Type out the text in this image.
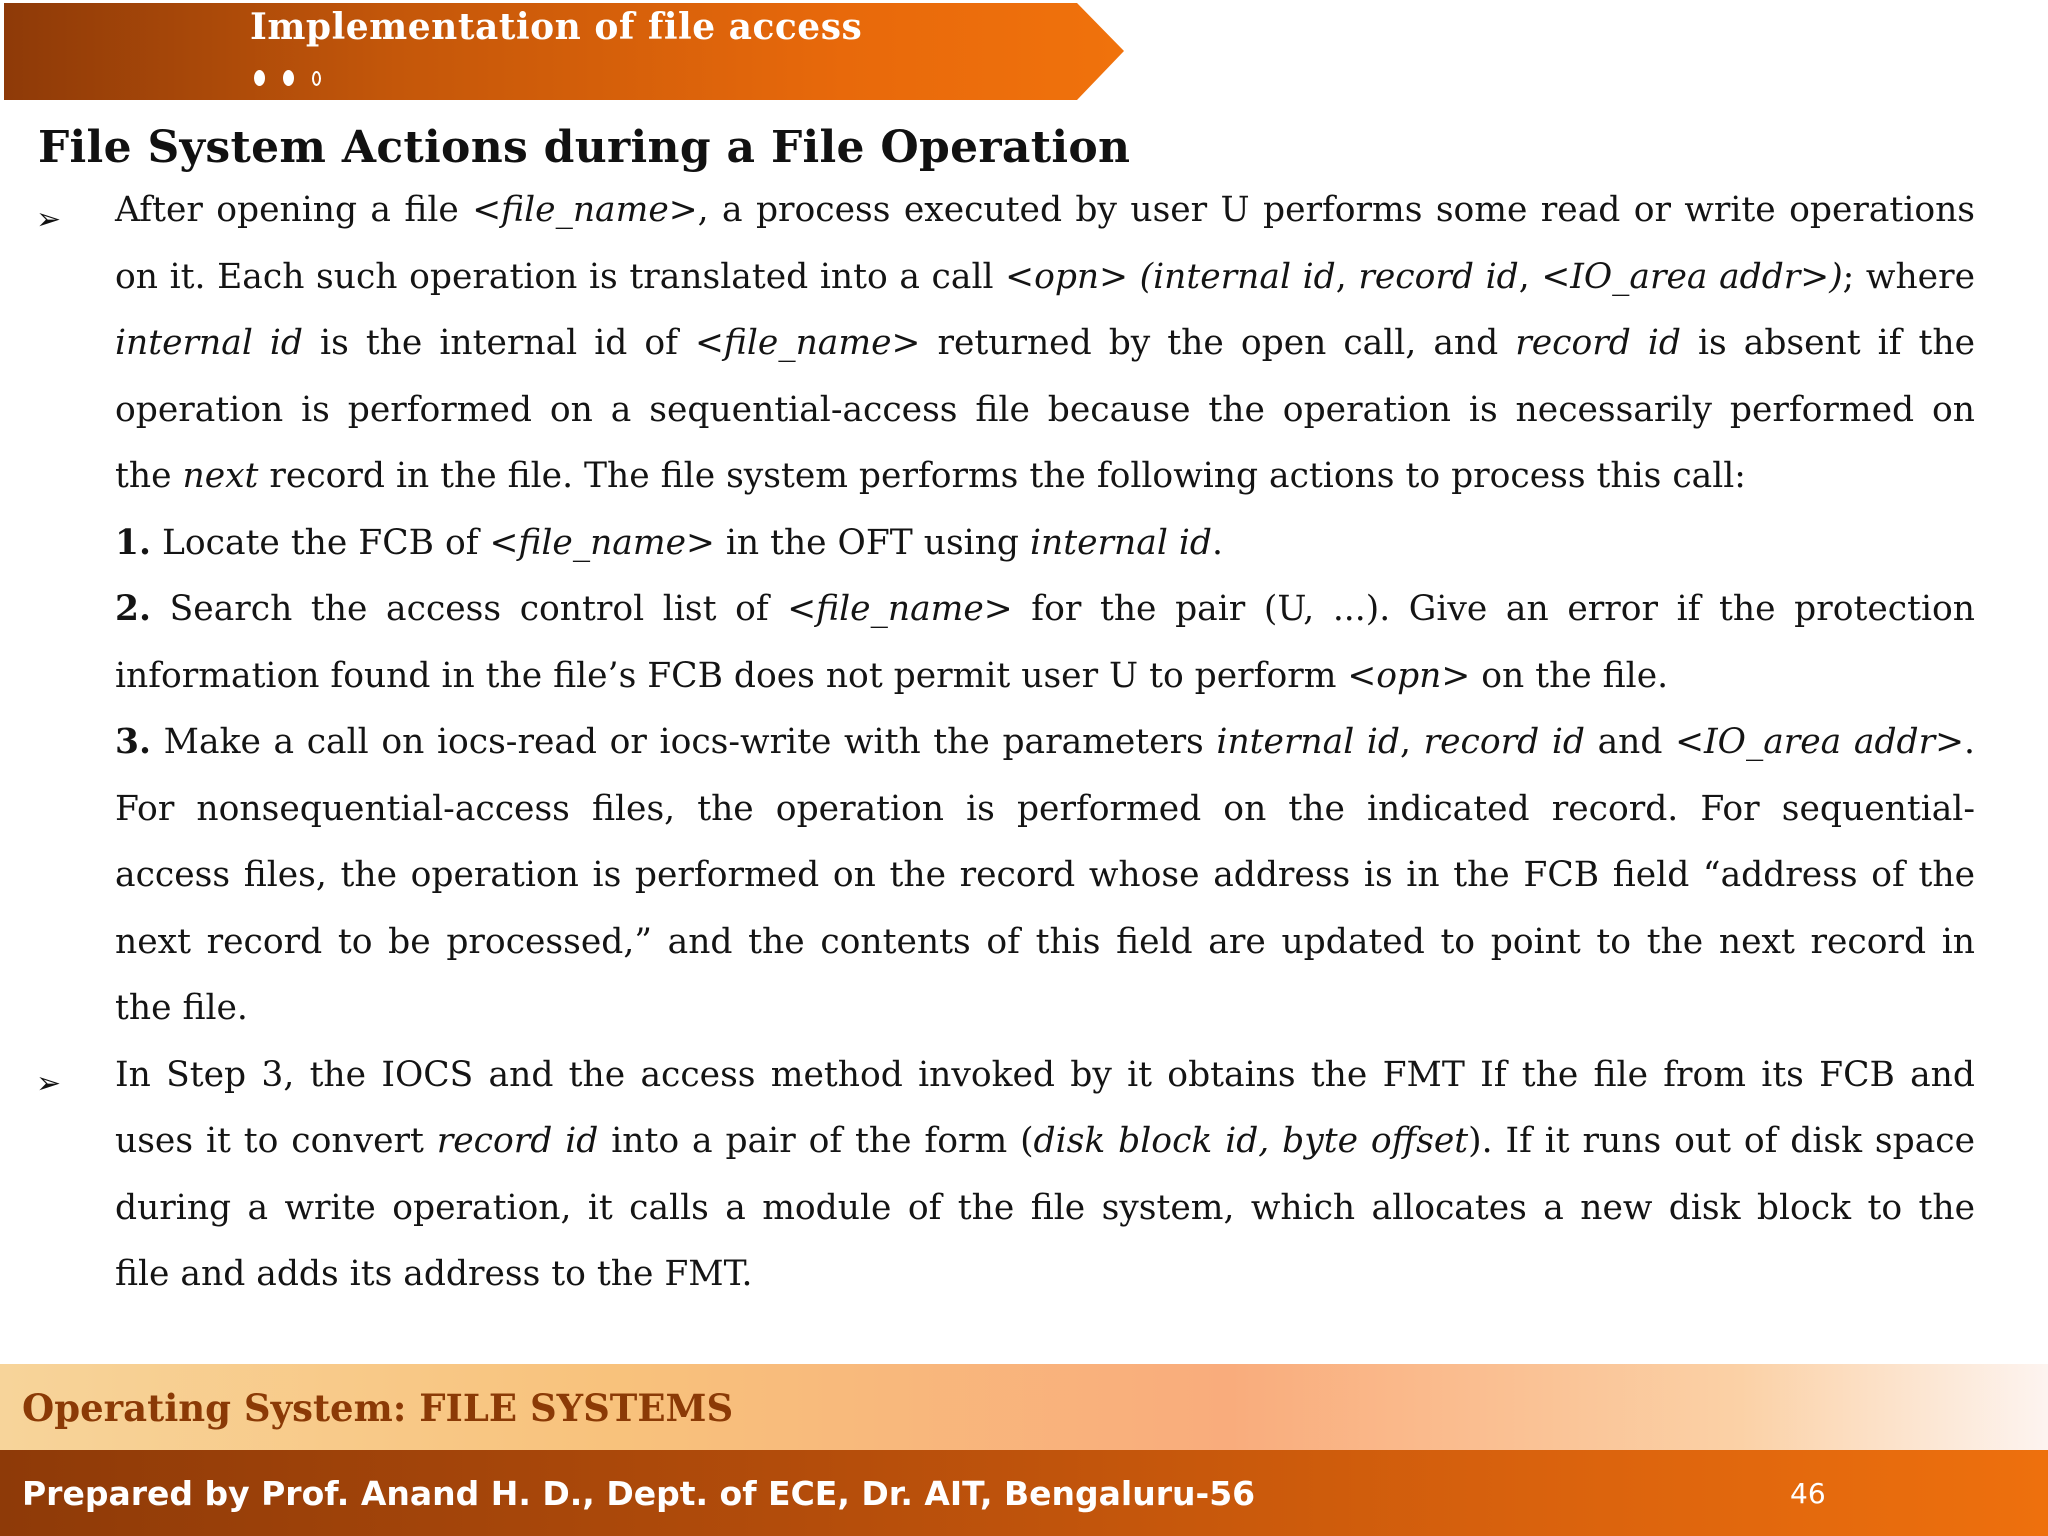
Implementation of file access
File System Actions during a File Operation
➢ After opening a file <file_name>, a process executed by user U performs some read or write operations
on it. Each such operation is translated into a call <opn> (internal id, record id, <IO_area addr>); where
internal id is the internal id of <file_name> returned by the open call, and record id is absent if the
operation is performed on a sequential-access file because the operation is necessarily performed on
the next record in the file. The file system performs the following actions to process this call:
1. Locate the FCB of <file_name> in the OFT using internal id.
2. Search the access control list of <file_name> for the pair (U, ...). Give an error if the protection
information found in the file’s FCB does not permit user U to perform <opn> on the file.
3. Make a call on iocs-read or iocs-write with the parameters internal id, record id and <IO_area addr>.
For nonsequential-access files, the operation is performed on the indicated record. For sequential-
access files, the operation is performed on the record whose address is in the FCB field “address of the
next record to be processed,” and the contents of this field are updated to point to the next record in
the file.
➢ In Step 3, the IOCS and the access method invoked by it obtains the FMT If the file from its FCB and
uses it to convert record id into a pair of the form (disk block id, byte offset). If it runs out of disk space
during a write operation, it calls a module of the file system, which allocates a new disk block to the
file and adds its address to the FMT.
Operating System: FILE SYSTEMS
Prepared by Prof. Anand H. D., Dept. of ECE, Dr. AIT, Bengaluru-56	46
